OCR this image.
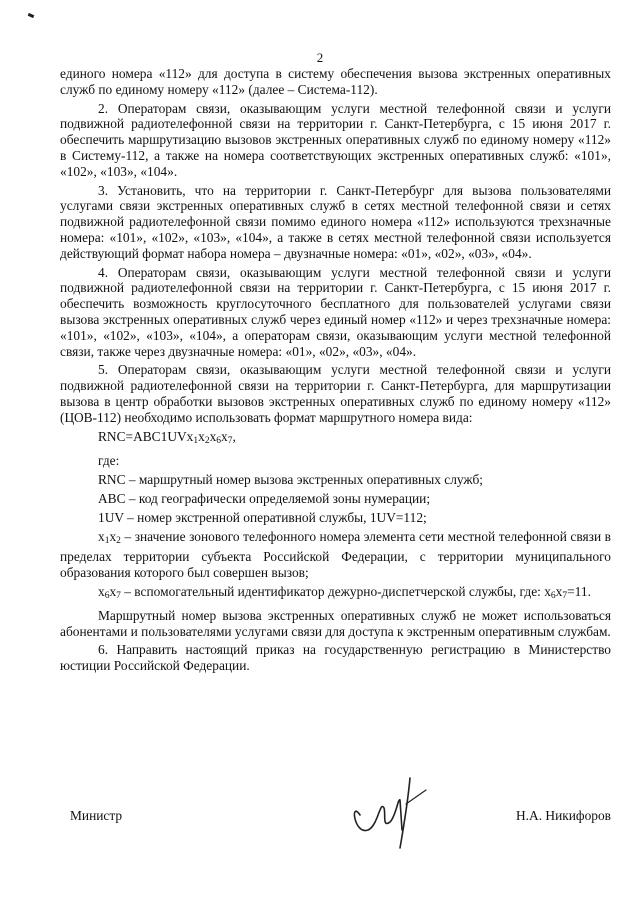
2

единого номера «112» для доступа в систему обеспечения вызова экстренных оперативных служб по единому номеру «112» (далее – Система-112).

2. Операторам связи, оказывающим услуги местной телефонной связи и услуги подвижной радиотелефонной связи на территории г. Санкт-Петербурга, с 15 июня 2017 г. обеспечить маршрутизацию вызовов экстренных оперативных служб по единому номеру «112» в Систему-112, а также на номера соответствующих экстренных оперативных служб: «101», «102», «103», «104».

3. Установить, что на территории г. Санкт-Петербург для вызова пользователями услугами связи экстренных оперативных служб в сетях местной телефонной связи и сетях подвижной радиотелефонной связи помимо единого номера «112» используются трехзначные номера: «101», «102», «103», «104», а также в сетях местной телефонной связи используется действующий формат набора номера – двузначные номера: «01», «02», «03», «04».

4. Операторам связи, оказывающим услуги местной телефонной связи и услуги подвижной радиотелефонной связи на территории г. Санкт-Петербурга, с 15 июня 2017 г. обеспечить возможность круглосуточного бесплатного для пользователей услугами связи вызова экстренных оперативных служб через единый номер «112» и через трехзначные номера: «101», «102», «103», «104», а операторам связи, оказывающим услуги местной телефонной связи, также через двузначные номера: «01», «02», «03», «04».

5. Операторам связи, оказывающим услуги местной телефонной связи и услуги подвижной радиотелефонной связи на территории г. Санкт-Петербурга, для маршрутизации вызова в центр обработки вызовов экстренных оперативных служб по единому номеру «112» (ЦОВ-112) необходимо использовать формат маршрутного номера вида:

$RNC=ABC1UVx_1x_2x_6x_7$,

где:

RNC – маршрутный номер вызова экстренных оперативных служб;

ABC – код географически определяемой зоны нумерации;

1UV – номер экстренной оперативной службы, 1UV=112;

$x_1x_2$ – значение зонового телефонного номера элемента сети местной телефонной связи в пределах территории субъекта Российской Федерации, с территории муниципального образования которого был совершен вызов;

$x_6x_7$ – вспомогательный идентификатор дежурно-диспетчерской службы, где: $x_6x_7=11$.

Маршрутный номер вызова экстренных оперативных служб не может использоваться абонентами и пользователями услугами связи для доступа к экстренным оперативным службам.

6. Направить настоящий приказ на государственную регистрацию в Министерство юстиции Российской Федерации.

Министр	Н.А. Никифоров
